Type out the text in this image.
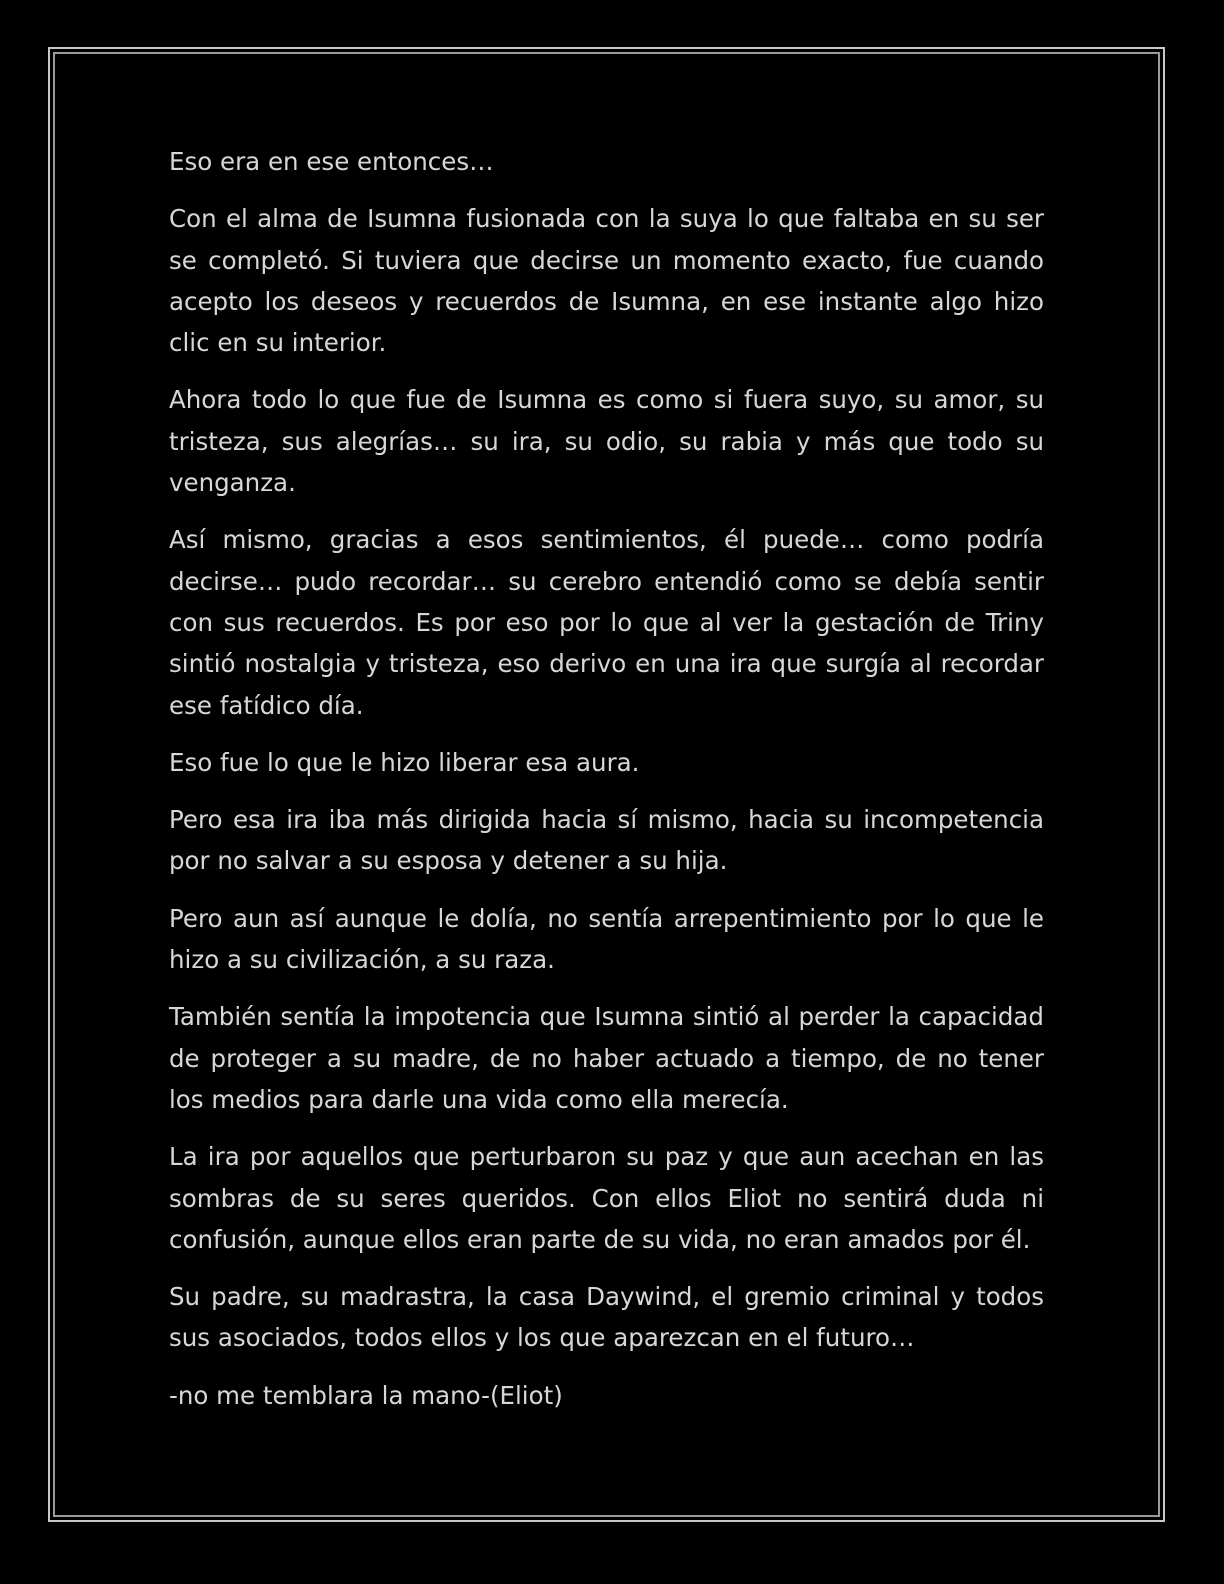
Eso era en ese entonces…

Con el alma de Isumna fusionada con la suya lo que faltaba en su ser se completó. Si tuviera que decirse un momento exacto, fue cuando acepto los deseos y recuerdos de Isumna, en ese instante algo hizo clic en su interior.

Ahora todo lo que fue de Isumna es como si fuera suyo, su amor, su tristeza, sus alegrías… su ira, su odio, su rabia y más que todo su venganza.

Así mismo, gracias a esos sentimientos, él puede… como podría decirse… pudo recordar… su cerebro entendió como se debía sentir con sus recuerdos. Es por eso por lo que al ver la gestación de Triny sintió nostalgia y tristeza, eso derivo en una ira que surgía al recordar ese fatídico día.

Eso fue lo que le hizo liberar esa aura.

Pero esa ira iba más dirigida hacia sí mismo, hacia su incompetencia por no salvar a su esposa y detener a su hija.

Pero aun así aunque le dolía, no sentía arrepentimiento por lo que le hizo a su civilización, a su raza.

También sentía la impotencia que Isumna sintió al perder la capacidad de proteger a su madre, de no haber actuado a tiempo, de no tener los medios para darle una vida como ella merecía.

La ira por aquellos que perturbaron su paz y que aun acechan en las sombras de su seres queridos. Con ellos Eliot no sentirá duda ni confusión, aunque ellos eran parte de su vida, no eran amados por él.

Su padre, su madrastra, la casa Daywind, el gremio criminal y todos sus asociados, todos ellos y los que aparezcan en el futuro…

-no me temblara la mano-(Eliot)
